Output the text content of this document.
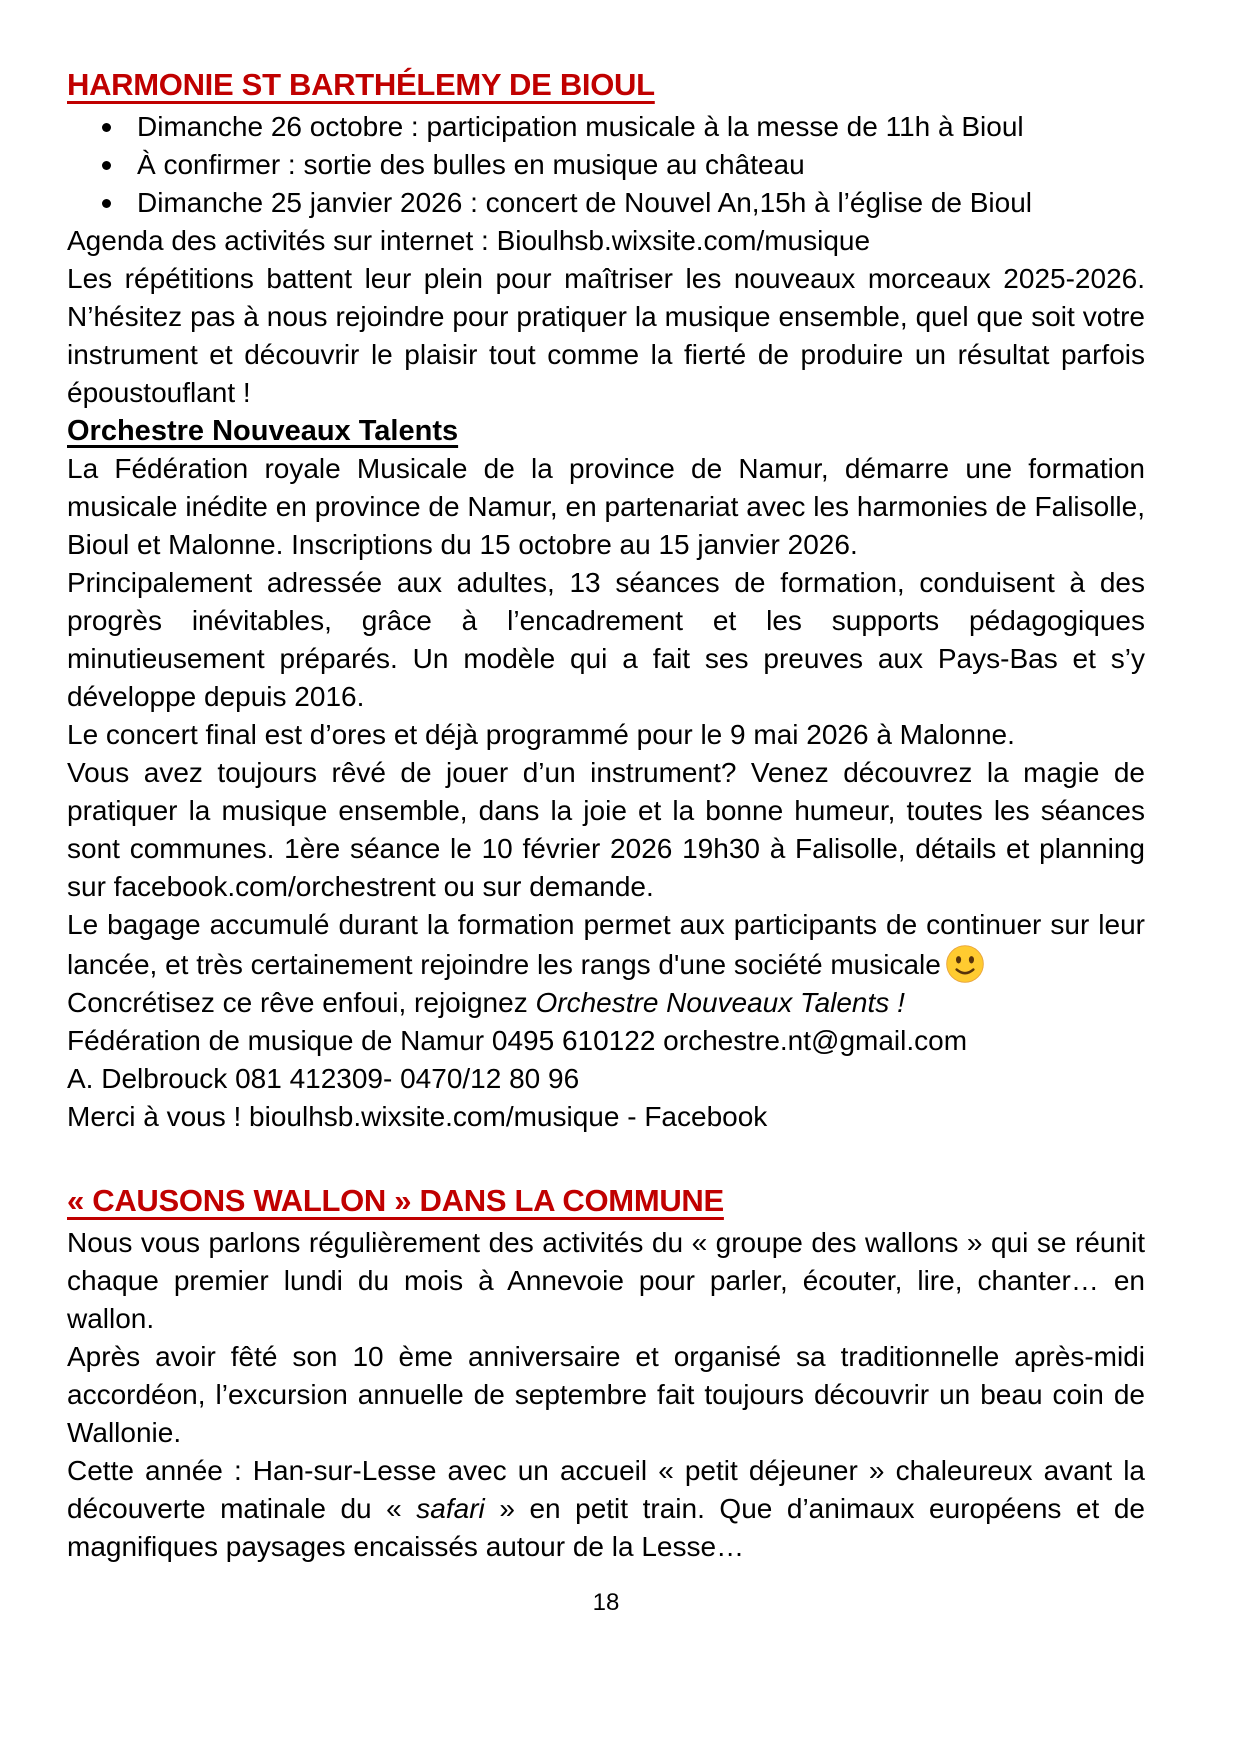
HARMONIE ST BARTHÉLEMY DE BIOUL
Dimanche 26 octobre : participation musicale à la messe de 11h à Bioul
À confirmer : sortie des bulles en musique au château
Dimanche 25 janvier 2026 : concert de Nouvel An,15h à l’église de Bioul

Agenda des activités sur internet : Bioulhsb.wixsite.com/musique

Les répétitions battent leur plein pour maîtriser les nouveaux morceaux 2025-2026. N’hésitez pas à nous rejoindre pour pratiquer la musique ensemble, quel que soit votre instrument et découvrir le plaisir tout comme la fierté de produire un résultat parfois époustouflant !

Orchestre Nouveaux Talents

La Fédération royale Musicale de la province de Namur, démarre une formation musicale inédite en province de Namur, en partenariat avec les harmonies de Falisolle, Bioul et Malonne. Inscriptions du 15 octobre au 15 janvier 2026.

Principalement adressée aux adultes, 13 séances de formation, conduisent à des progrès inévitables, grâce à l’encadrement et les supports pédagogiques minutieusement préparés. Un modèle qui a fait ses preuves aux Pays-Bas et s’y développe depuis 2016.

Le concert final est d’ores et déjà programmé pour le 9 mai 2026 à Malonne.

Vous avez toujours rêvé de jouer d’un instrument? Venez découvrez la magie de pratiquer la musique ensemble, dans la joie et la bonne humeur, toutes les séances sont communes. 1ère séance le 10 février 2026 19h30 à Falisolle, détails et planning sur facebook.com/orchestrent ou sur demande.

Le bagage accumulé durant la formation permet aux participants de continuer sur leur lancée, et très certainement rejoindre les rangs d'une société musicale

Concrétisez ce rêve enfoui, rejoignez Orchestre Nouveaux Talents !

Fédération de musique de Namur 0495 610122 orchestre.nt@gmail.com

A. Delbrouck 081 412309- 0470/12 80 96

Merci à vous ! bioulhsb.wixsite.com/musique - Facebook

« CAUSONS WALLON » DANS LA COMMUNE

Nous vous parlons régulièrement des activités du « groupe des wallons » qui se réunit chaque premier lundi du mois à Annevoie pour parler, écouter, lire, chanter… en wallon.

Après avoir fêté son 10 ème anniversaire et organisé sa traditionnelle après-midi accordéon, l’excursion annuelle de septembre fait toujours découvrir un beau coin de Wallonie.

Cette année : Han-sur-Lesse avec un accueil « petit déjeuner » chaleureux avant la découverte matinale du « safari » en petit train. Que d’animaux européens et de magnifiques paysages encaissés autour de la Lesse…

18
